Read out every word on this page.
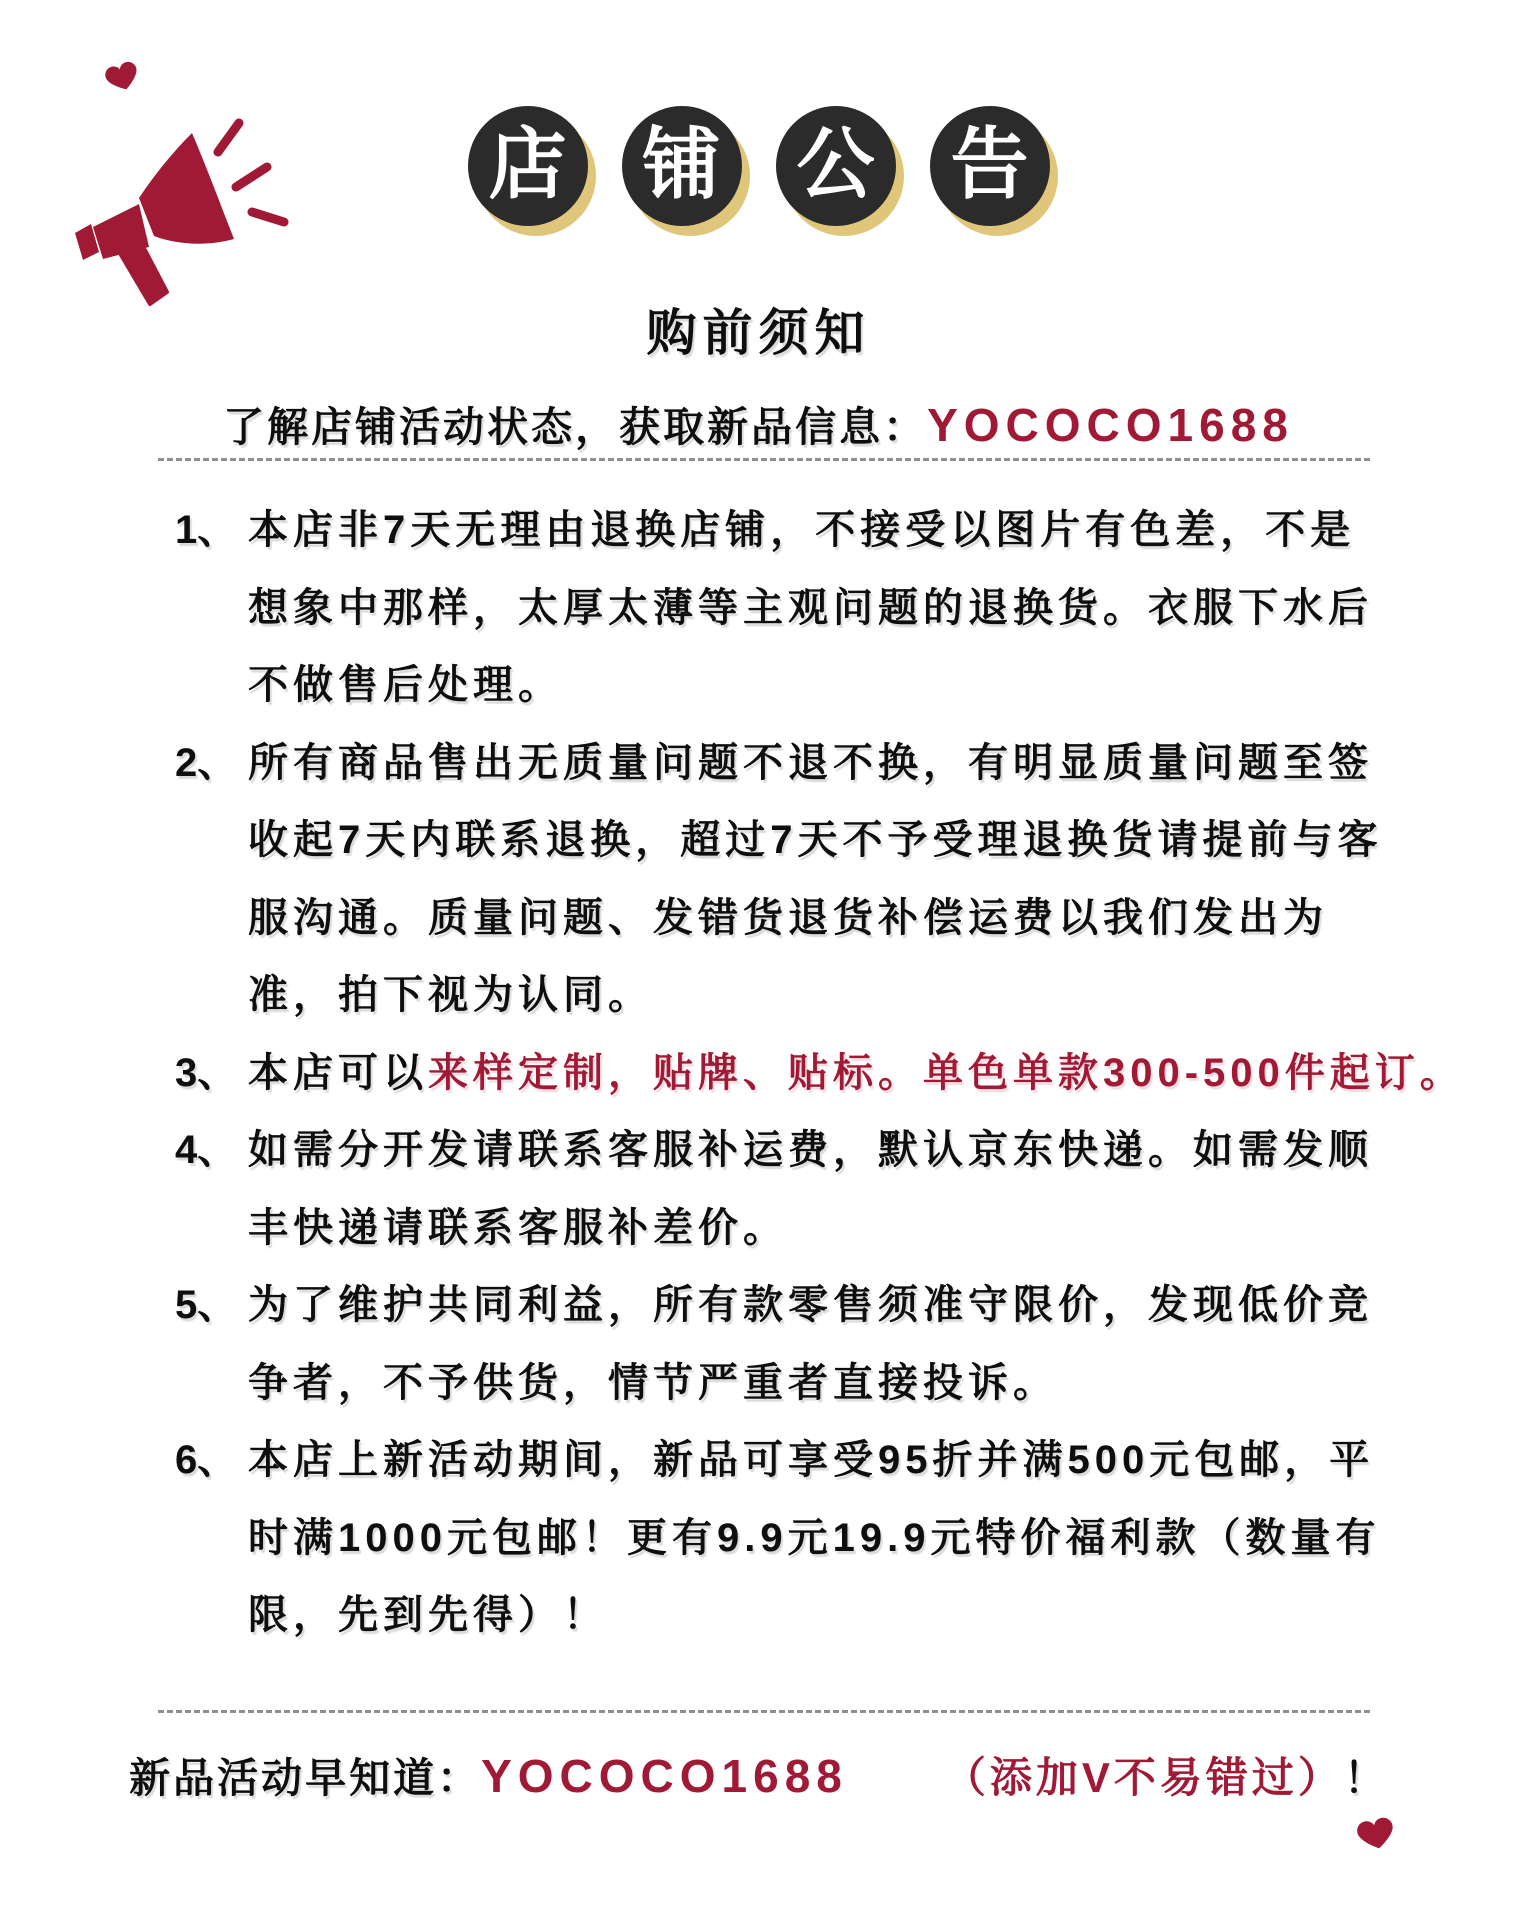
店 铺 公 告
购前须知
了解店铺活动状态，获取新品信息：YOCOCO1688
1、 本店非7天无理由退换店铺，不接受以图片有色差，不是
想象中那样，太厚太薄等主观问题的退换货。衣服下水后
不做售后处理。
2、 所有商品售出无质量问题不退不换，有明显质量问题至签
收起7天内联系退换，超过7天不予受理退换货请提前与客
服沟通。质量问题、发错货退货补偿运费以我们发出为
准，拍下视为认同。
3、 本店可以来样定制，贴牌、贴标。单色单款300-500件起订。
4、 如需分开发请联系客服补运费，默认京东快递。如需发顺
丰快递请联系客服补差价。
5、 为了维护共同利益，所有款零售须准守限价，发现低价竞
争者，不予供货，情节严重者直接投诉。
6、 本店上新活动期间，新品可享受95折并满500元包邮，平
时满1000元包邮！更有9.9元19.9元特价福利款（数量有
限，先到先得）！
新品活动早知道：YOCOCO1688 （添加V不易错过）！
